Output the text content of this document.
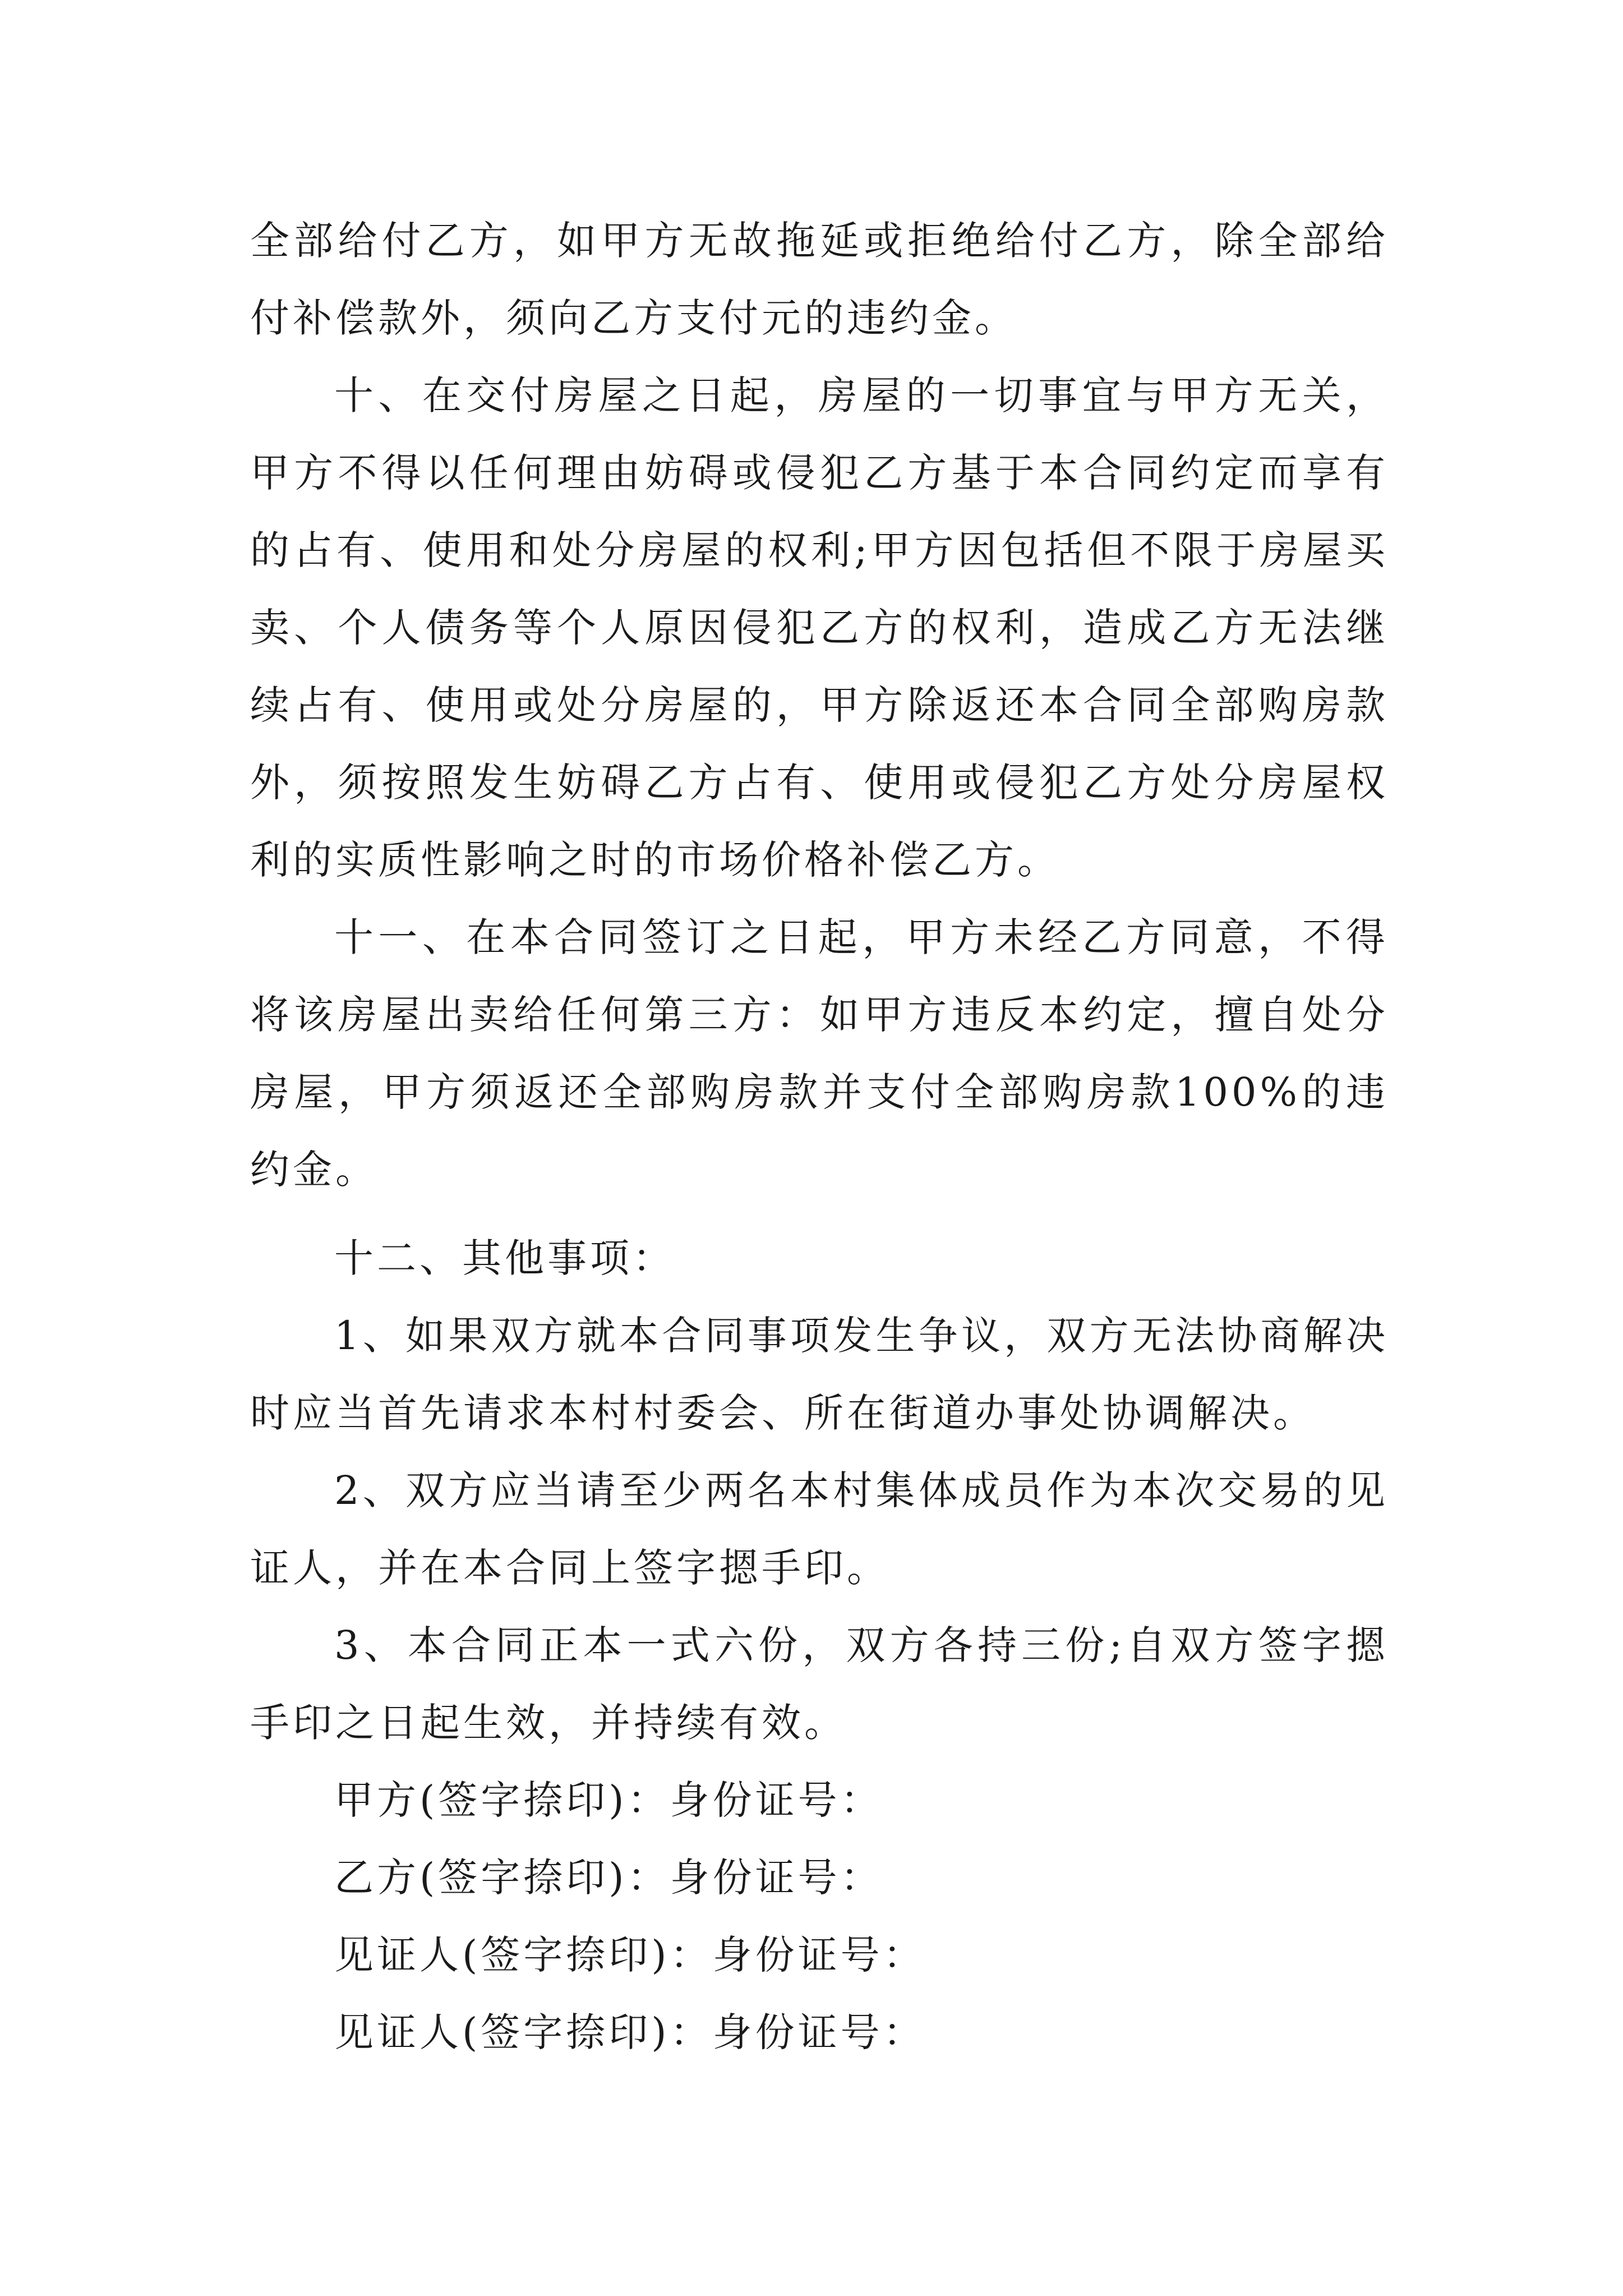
全部给付乙方，如甲方无故拖延或拒绝给付乙方，除全部给付补偿款外，须向乙方支付元的违约金。

十、在交付房屋之日起，房屋的一切事宜与甲方无关，甲方不得以任何理由妨碍或侵犯乙方基于本合同约定而享有的占有、使用和处分房屋的权利;甲方因包括但不限于房屋买卖、个人债务等个人原因侵犯乙方的权利，造成乙方无法继续占有、使用或处分房屋的，甲方除返还本合同全部购房款外，须按照发生妨碍乙方占有、使用或侵犯乙方处分房屋权利的实质性影响之时的市场价格补偿乙方。

十一、在本合同签订之日起，甲方未经乙方同意，不得将该房屋出卖给任何第三方：如甲方违反本约定，擅自处分房屋，甲方须返还全部购房款并支付全部购房款100%的违约金。

十二、其他事项：

1、如果双方就本合同事项发生争议，双方无法协商解决时应当首先请求本村村委会、所在街道办事处协调解决。

2、双方应当请至少两名本村集体成员作为本次交易的见证人，并在本合同上签字摁手印。

3、本合同正本一式六份，双方各持三份;自双方签字摁手印之日起生效，并持续有效。

甲方(签字捺印)：身份证号：

乙方(签字捺印)：身份证号：

见证人(签字捺印)：身份证号：

见证人(签字捺印)：身份证号：
